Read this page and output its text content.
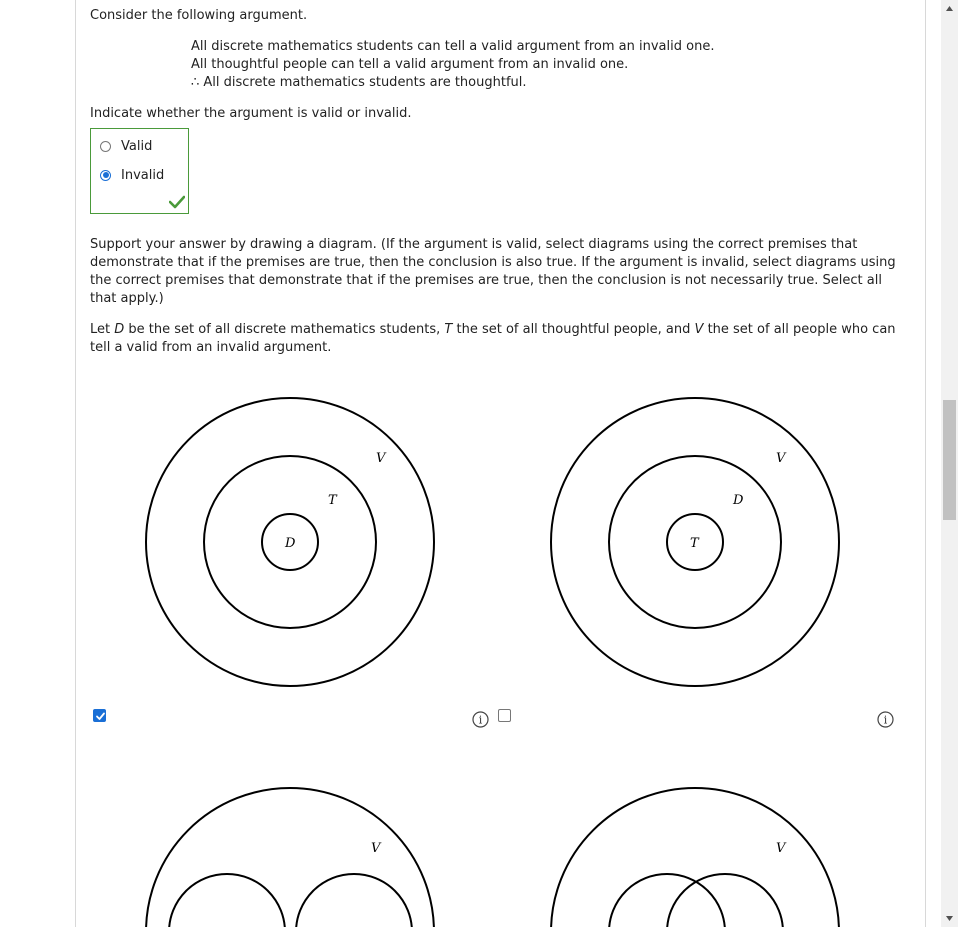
Consider the following argument.

All discrete mathematics students can tell a valid argument from an invalid one.

All thoughtful people can tell a valid argument from an invalid one.

∴ All discrete mathematics students are thoughtful.

Indicate whether the argument is valid or invalid.

Valid
Invalid

Support your answer by drawing a diagram. (If the argument is valid, select diagrams using the correct premises that demonstrate that if the premises are true, then the conclusion is also true. If the argument is invalid, select diagrams using the correct premises that demonstrate that if the premises are true, then the conclusion is not necessarily true. Select all that apply.)

Let D be the set of all discrete mathematics students, T the set of all thoughtful people, and V the set of all people who can
tell a valid from an invalid argument.

V
T
D
V
D
T
i	i
V	V
